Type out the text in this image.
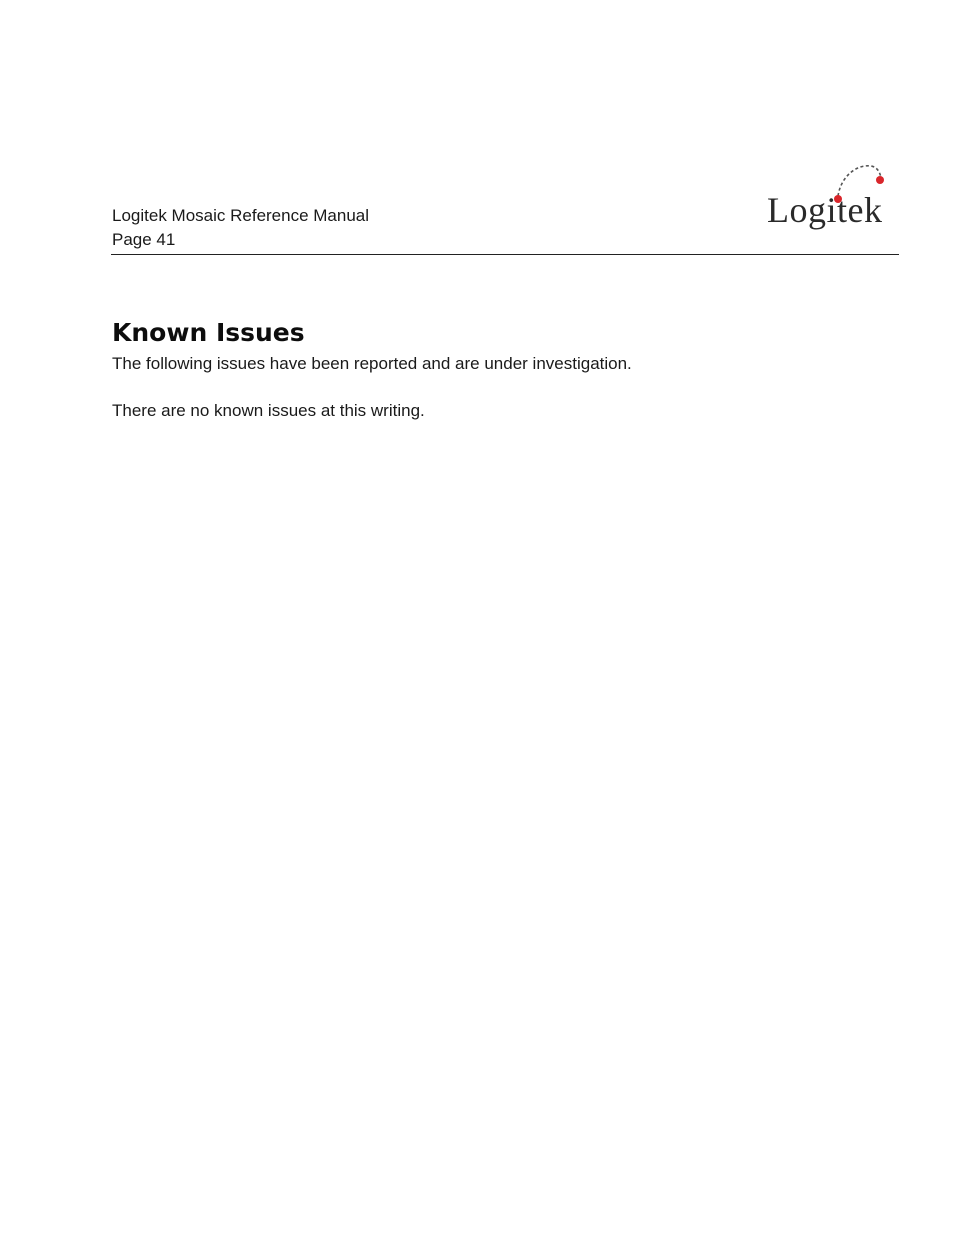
Logitek Mosaic Reference Manual
Page 41
Logitek
Known Issues

The following issues have been reported and are under investigation.

There are no known issues at this writing.
